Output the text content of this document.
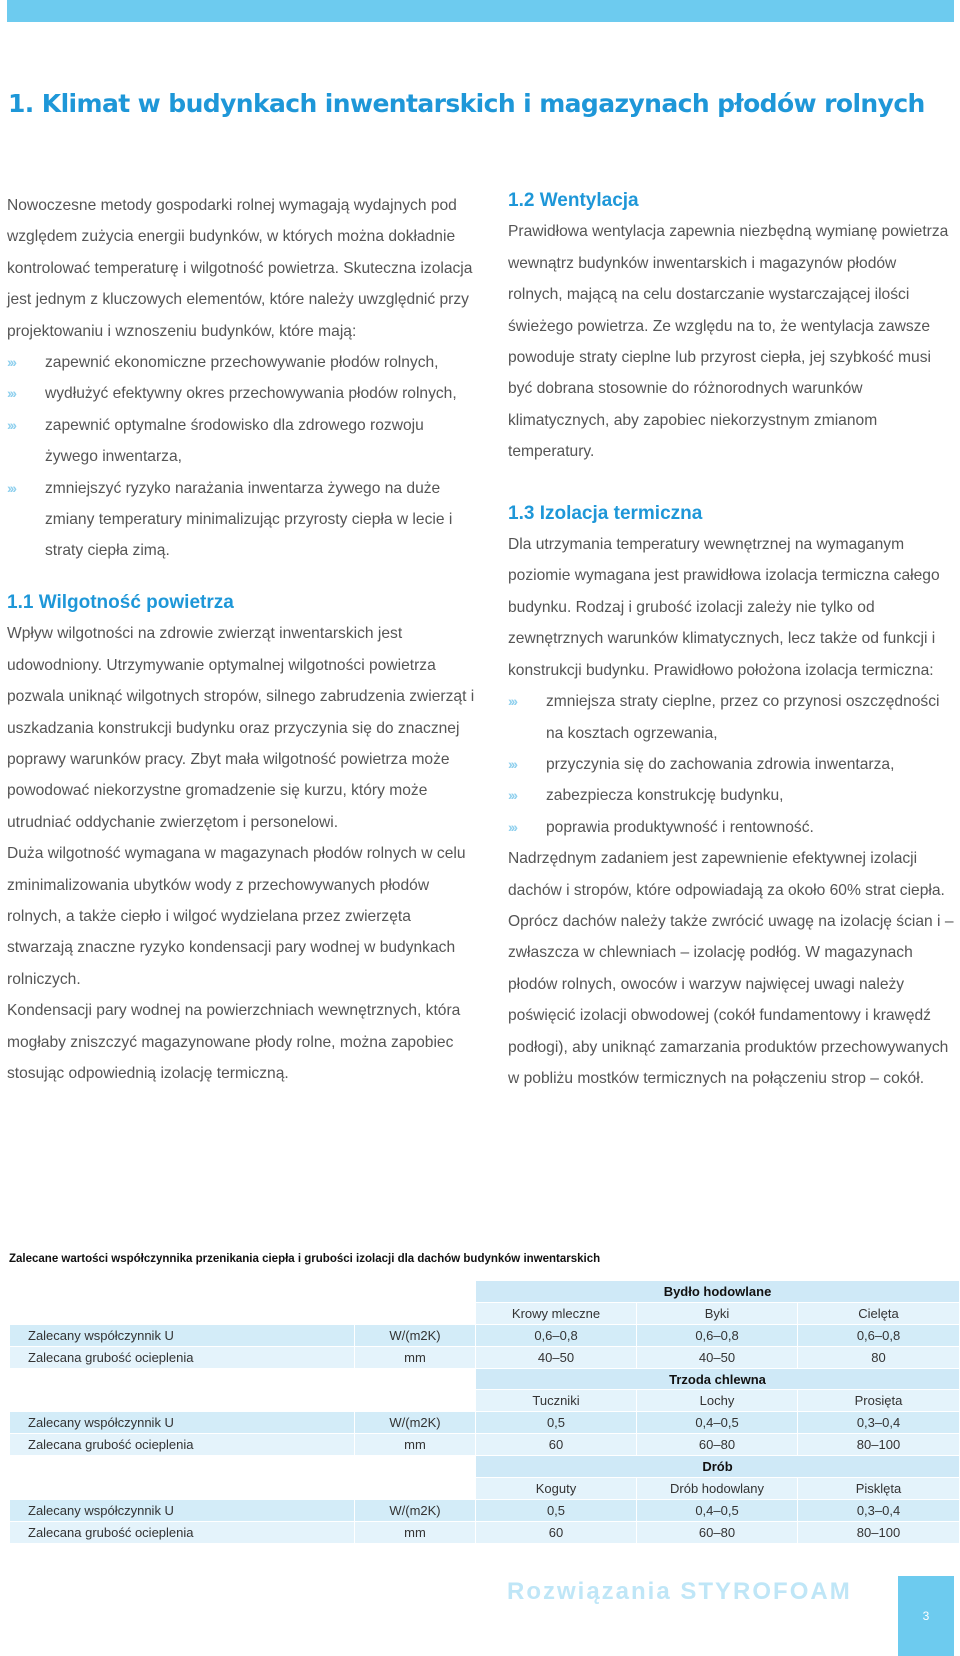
1. Klimat w budynkach inwentarskich i magazynach płodów rolnych

Nowoczesne metody gospodarki rolnej wymagają wydajnych pod względem zużycia energii budynków, w których można dokładnie kontrolować temperaturę i wilgotność powietrza. Skuteczna izolacja jest jednym z kluczowych elementów, które należy uwzględnić przy projektowaniu i wznoszeniu budynków, które mają:

››› zapewnić ekonomiczne przechowywanie płodów rolnych,
››› wydłużyć efektywny okres przechowywania płodów rolnych,
››› zapewnić optymalne środowisko dla zdrowego rozwoju żywego inwentarza,
››› zmniejszyć ryzyko narażania inwentarza żywego na duże zmiany temperatury minimalizując przyrosty ciepła w lecie i straty ciepła zimą.
1.1 Wilgotność powietrza

Wpływ wilgotności na zdrowie zwierząt inwentarskich jest udowodniony. Utrzymywanie optymalnej wilgotności powietrza pozwala uniknąć wilgotnych stropów, silnego zabrudzenia zwierząt i uszkadzania konstrukcji budynku oraz przyczynia się do znacznej poprawy warunków pracy. Zbyt mała wilgotność powietrza może powodować niekorzystne gromadzenie się kurzu, który może utrudniać oddychanie zwierzętom i personelowi.

Duża wilgotność wymagana w magazynach płodów rolnych w celu zminimalizowania ubytków wody z przechowywanych płodów rolnych, a także ciepło i wilgoć wydzielana przez zwierzęta stwarzają znaczne ryzyko kondensacji pary wodnej w budynkach rolniczych.

Kondensacji pary wodnej na powierzchniach wewnętrznych, która mogłaby zniszczyć magazynowane płody rolne, można zapobiec stosując odpowiednią izolację termiczną.

1.2 Wentylacja

Prawidłowa wentylacja zapewnia niezbędną wymianę powietrza wewnątrz budynków inwentarskich i magazynów płodów rolnych, mającą na celu dostarczanie wystarczającej ilości świeżego powietrza. Ze względu na to, że wentylacja zawsze powoduje straty cieplne lub przyrost ciepła, jej szybkość musi być dobrana stosownie do różnorodnych warunków klimatycznych, aby zapobiec niekorzystnym zmianom temperatury.

1.3 Izolacja termiczna

Dla utrzymania temperatury wewnętrznej na wymaganym poziomie wymagana jest prawidłowa izolacja termiczna całego budynku. Rodzaj i grubość izolacji zależy nie tylko od zewnętrznych warunków klimatycznych, lecz także od funkcji i konstrukcji budynku. Prawidłowo położona izolacja termiczna:

››› zmniejsza straty cieplne, przez co przynosi oszczędności na kosztach ogrzewania,
››› przyczynia się do zachowania zdrowia inwentarza,
››› zabezpiecza konstrukcję budynku,
››› poprawia produktywność i rentowność.

Nadrzędnym zadaniem jest zapewnienie efektywnej izolacji dachów i stropów, które odpowiadają za około 60% strat ciepła. Oprócz dachów należy także zwrócić uwagę na izolację ścian i – zwłaszcza w chlewniach – izolację podłóg. W magazynach płodów rolnych, owoców i warzyw najwięcej uwagi należy poświęcić izolacji obwodowej (cokół fundamentowy i krawędź podłogi), aby uniknąć zamarzania produktów przechowywanych w pobliżu mostków termicznych na połączeniu strop – cokół.

Zalecane wartości współczynnika przenikania ciepła i grubości izolacji dla dachów budynków inwentarskich
		Bydło hodowlane		
		Krowy mleczne	Byki	Cielęta
Zalecany współczynnik U	W/(m2K)	0,6–0,8	0,6–0,8	0,6–0,8
Zalecana grubość ocieplenia	mm	40–50	40–50	80
		Trzoda chlewna		
		Tuczniki	Lochy	Prosięta
Zalecany współczynnik U	W/(m2K)	0,5	0,4–0,5	0,3–0,4
Zalecana grubość ocieplenia	mm	60	60–80	80–100
		Drób		
		Koguty	Drób hodowlany	Pisklęta
Zalecany współczynnik U	W/(m2K)	0,5	0,4–0,5	0,3–0,4
Zalecana grubość ocieplenia	mm	60	60–80	80–100
Rozwiązania STYROFOAM
3
